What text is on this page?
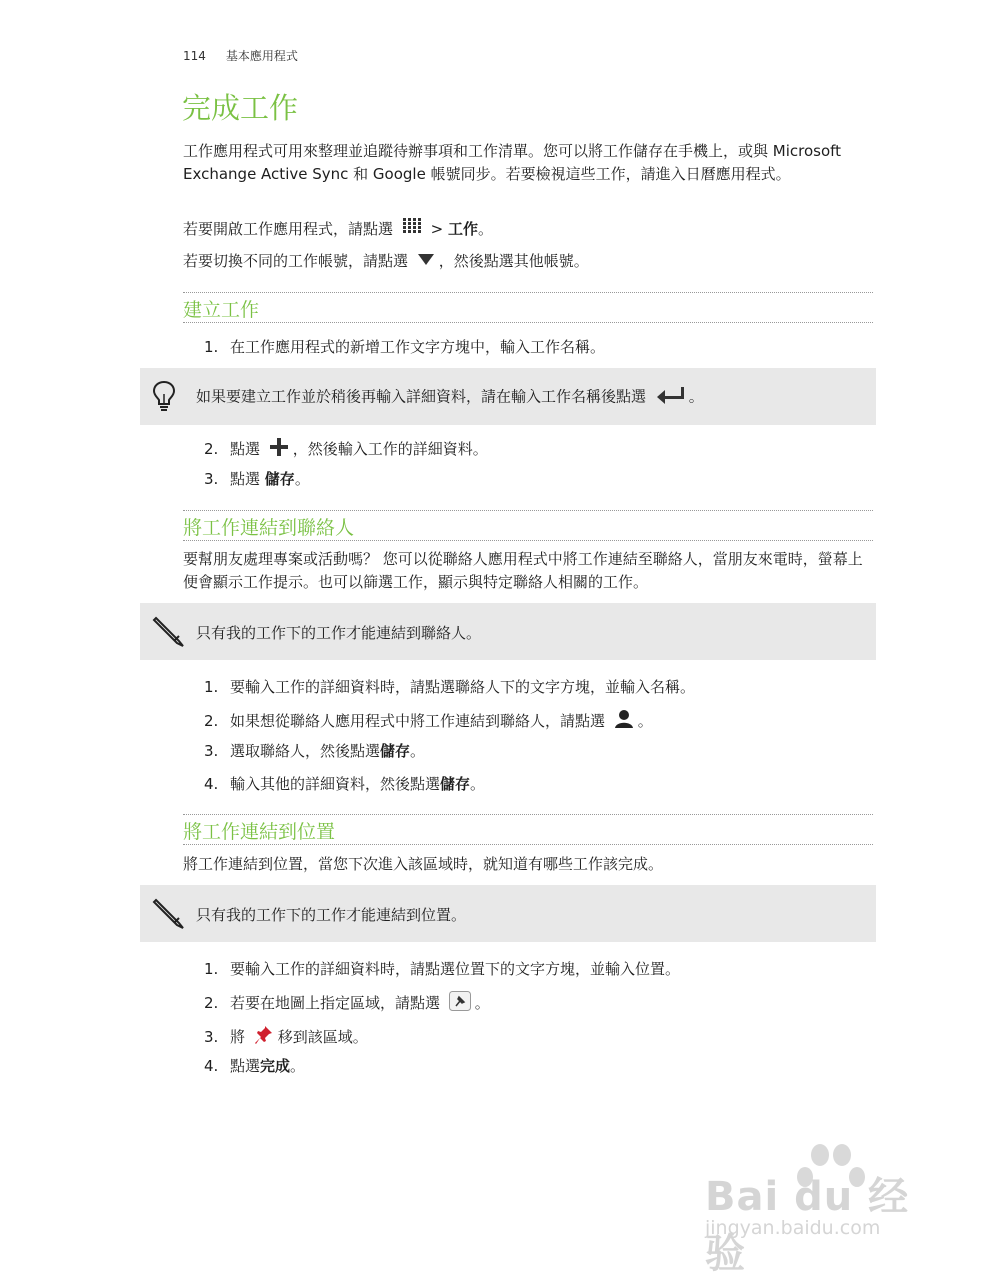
114 基本應用程式
完成工作

工作應用程式可用來整理並追蹤待辦事項和工作清單。您可以將工作儲存在手機上，或與 Microsoft Exchange Active Sync 和 Google 帳號同步。若要檢視這些工作，請進入日曆應用程式。

若要開啟工作應用程式，請點選	> 工作。

若要切換不同的工作帳號，請點選 ，然後點選其他帳號。

建立工作
1. 在工作應用程式的新增工作文字方塊中，輸入工作名稱。
如果要建立工作並於稍後再輸入詳細資料，請在輸入工作名稱後點選	。
2. 點選 ，然後輸入工作的詳細資料。
3. 點選 儲存。
將工作連結到聯絡人

要幫朋友處理專案或活動嗎？ 您可以從聯絡人應用程式中將工作連結至聯絡人，當朋友來電時，螢幕上便會顯示工作提示。也可以篩選工作，顯示與特定聯絡人相關的工作。

只有我的工作下的工作才能連結到聯絡人。
1. 要輸入工作的詳細資料時，請點選聯絡人下的文字方塊，並輸入名稱。
2. 如果想從聯絡人應用程式中將工作連結到聯絡人，請點選 。
3. 選取聯絡人，然後點選儲存。
4. 輸入其他的詳細資料，然後點選儲存。
將工作連結到位置

將工作連結到位置，當您下次進入該區域時，就知道有哪些工作該完成。

只有我的工作下的工作才能連結到位置。
1. 要輸入工作的詳細資料時，請點選位置下的文字方塊，並輸入位置。
2. 若要在地圖上指定區域，請點選 。
3. 將 移到該區域。
4. 點選完成。
Bai du 经验
jingyan.baidu.com
